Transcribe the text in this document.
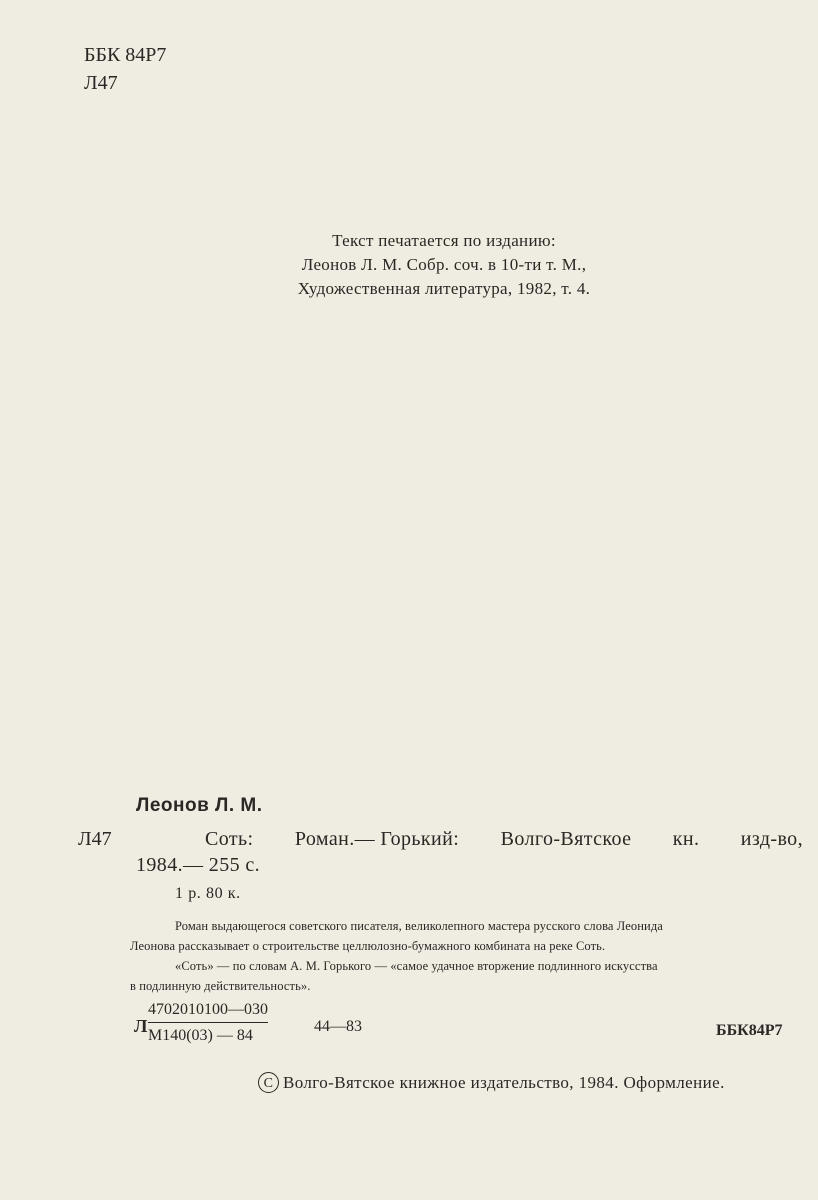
ББК 84Р7
Л47
Текст печатается по изданию:
Леонов Л. М. Собр. соч. в 10-ти т. М.,
Художественная литература, 1982, т. 4.
Леонов Л. М.
Л47	Соть: Роман.— Горький: Волго-Вятское кн. изд-во,
1984.— 255 с.
1 р. 80 к.
Роман выдающегося советского писателя, великолепного мастера русского слова Леонида
Леонова рассказывает о строительстве целлюлозно-бумажного комбината на реке Соть.
«Соть» — по словам А. М. Горького — «самое удачное вторжение подлинного искусства
в подлинную действительность».
Л
4702010100—030
М140(03) — 84
44—83	ББК84Р7
C Волго-Вятское книжное издательство, 1984. Оформление.
